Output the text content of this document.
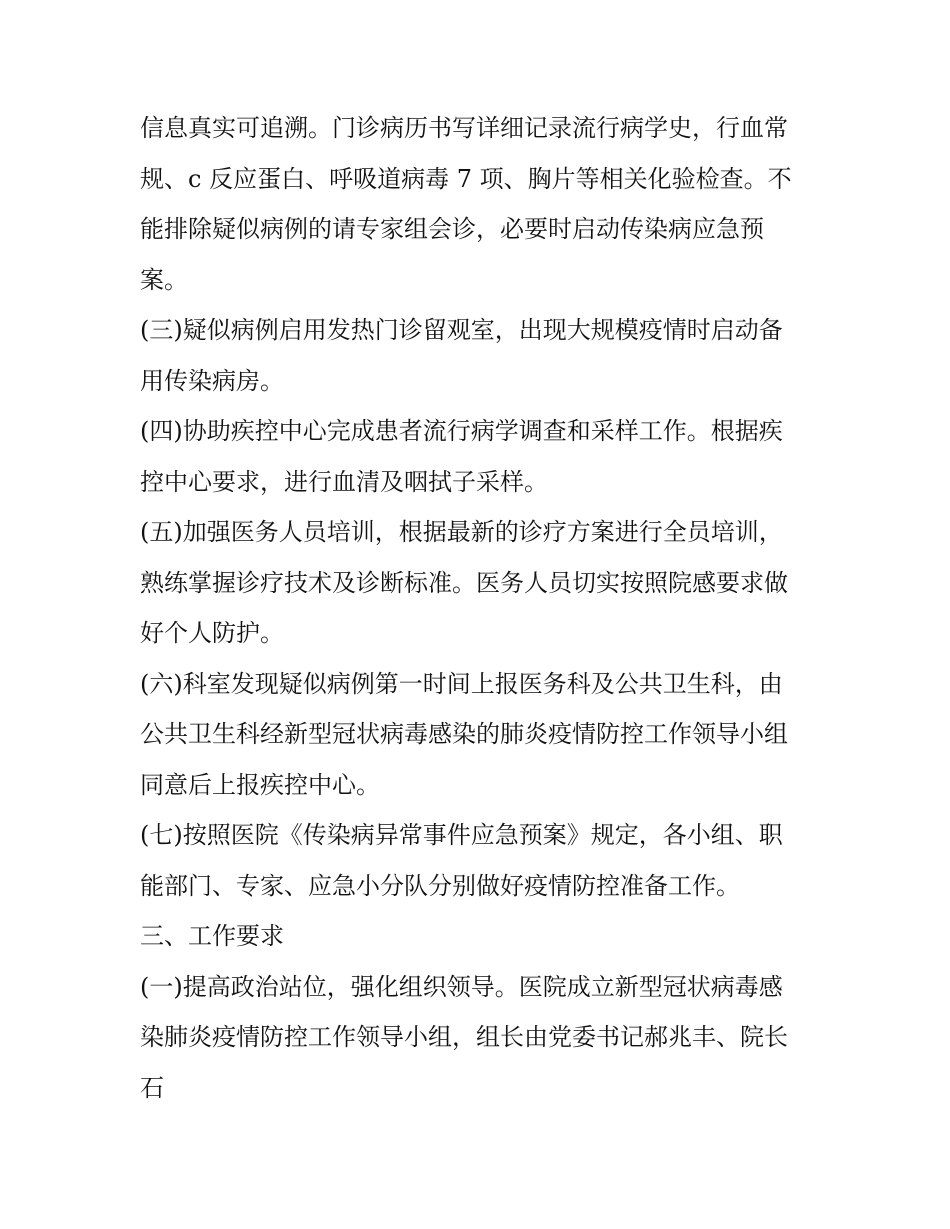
信息真实可追溯。门诊病历书写详细记录流行病学史，行血常
规、c 反应蛋白、呼吸道病毒 7 项、胸片等相关化验检查。不
能排除疑似病例的请专家组会诊，必要时启动传染病应急预
案。

(三)疑似病例启用发热门诊留观室，出现大规模疫情时启动备
用传染病房。

(四)协助疾控中心完成患者流行病学调查和采样工作。根据疾
控中心要求，进行血清及咽拭子采样。

(五)加强医务人员培训，根据最新的诊疗方案进行全员培训，
熟练掌握诊疗技术及诊断标准。医务人员切实按照院感要求做
好个人防护。

(六)科室发现疑似病例第一时间上报医务科及公共卫生科，由
公共卫生科经新型冠状病毒感染的肺炎疫情防控工作领导小组
同意后上报疾控中心。

(七)按照医院《传染病异常事件应急预案》规定，各小组、职
能部门、专家、应急小分队分别做好疫情防控准备工作。

三、工作要求

(一)提高政治站位，强化组织领导。医院成立新型冠状病毒感
染肺炎疫情防控工作领导小组，组长由党委书记郝兆丰、院长
石
